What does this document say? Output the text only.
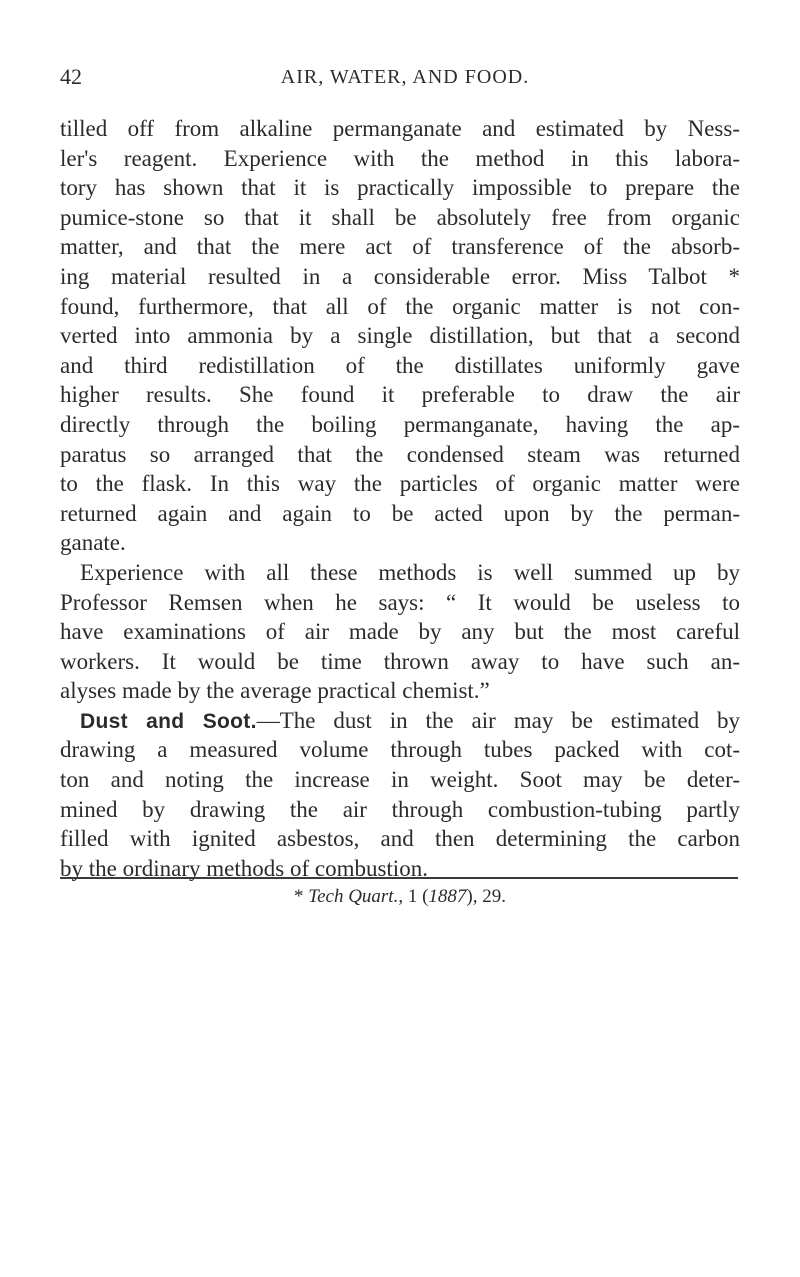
42	AIR, WATER, AND FOOD.
tilled off from alkaline permanganate and estimated by Ness-
ler's reagent. Experience with the method in this labora-
tory has shown that it is practically impossible to prepare the
pumice-stone so that it shall be absolutely free from organic
matter, and that the mere act of transference of the absorb-
ing material resulted in a considerable error. Miss Talbot *
found, furthermore, that all of the organic matter is not con-
verted into ammonia by a single distillation, but that a second
and third redistillation of the distillates uniformly gave
higher results. She found it preferable to draw the air
directly through the boiling permanganate, having the ap-
paratus so arranged that the condensed steam was returned
to the flask. In this way the particles of organic matter were
returned again and again to be acted upon by the perman-
ganate.
Experience with all these methods is well summed up by
Professor Remsen when he says: “ It would be useless to
have examinations of air made by any but the most careful
workers. It would be time thrown away to have such an-
alyses made by the average practical chemist.”
Dust and Soot.—The dust in the air may be estimated by
drawing a measured volume through tubes packed with cot-
ton and noting the increase in weight. Soot may be deter-
mined by drawing the air through combustion-tubing partly
filled with ignited asbestos, and then determining the carbon
by the ordinary methods of combustion.
* Tech Quart., 1 (1887), 29.
